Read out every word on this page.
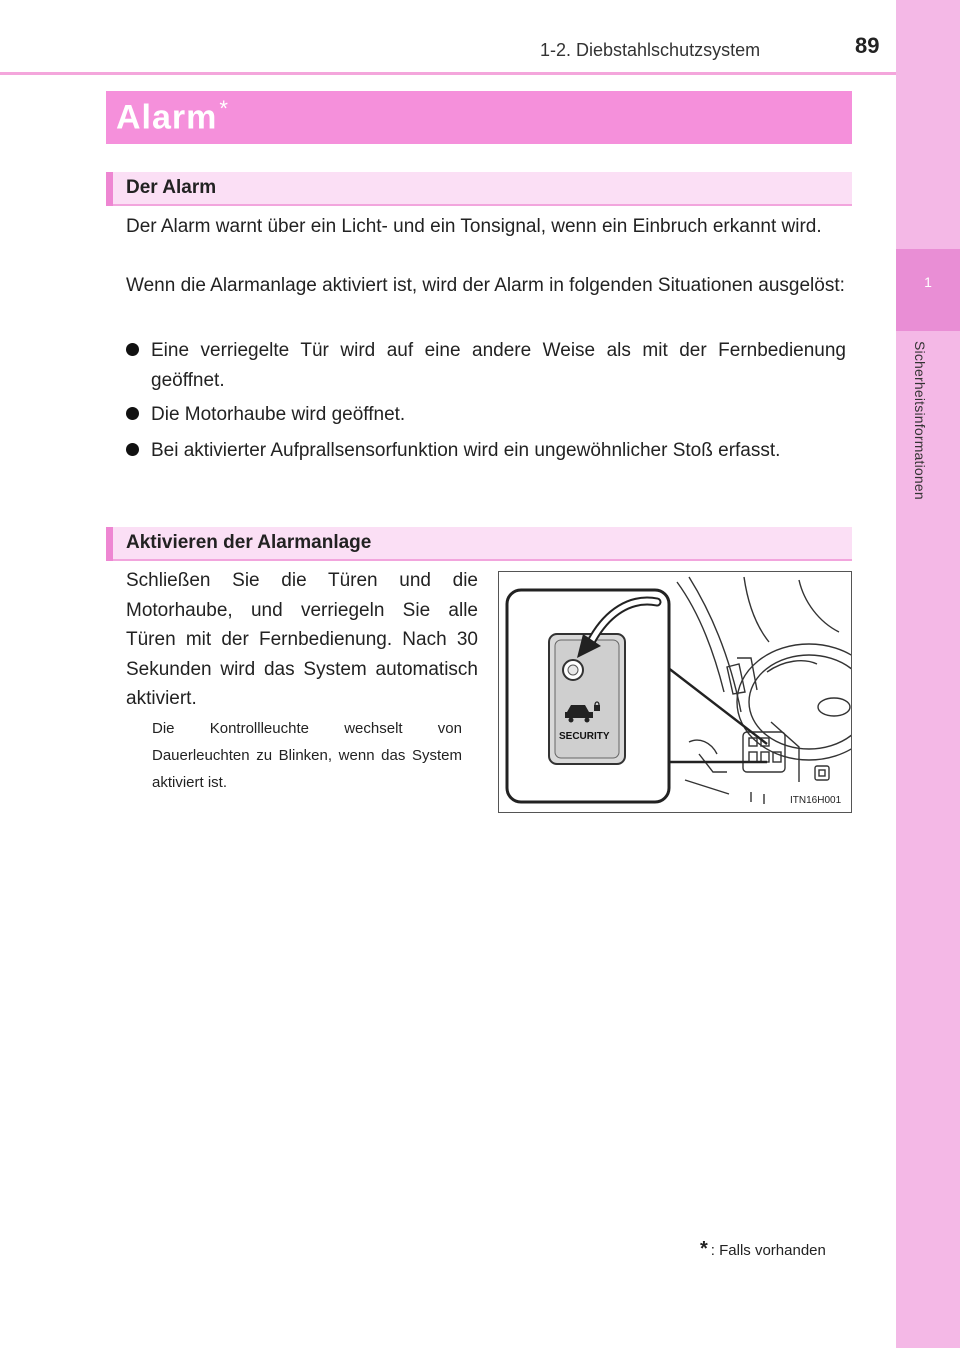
1-2. Diebstahlschutzsystem	89
1
Sicherheitsinformationen
Alarm*
Der Alarm
Der Alarm warnt über ein Licht- und ein Tonsignal, wenn ein Einbruch erkannt wird.
Wenn die Alarmanlage aktiviert ist, wird der Alarm in folgenden Situationen ausgelöst:
Eine verriegelte Tür wird auf eine andere Weise als mit der Fernbedienung geöffnet.
Die Motorhaube wird geöffnet.
Bei aktivierter Aufprallsensorfunktion wird ein ungewöhnlicher Stoß erfasst.
Aktivieren der Alarmanlage
Schließen Sie die Türen und die Motorhaube, und verriegeln Sie alle Türen mit der Fernbedienung. Nach 30 Sekunden wird das System automatisch aktiviert.
Die Kontrollleuchte wechselt von Dauerleuchten zu Blinken, wenn das System aktiviert ist.
SECURITY
ITN16H001
* : Falls vorhanden
